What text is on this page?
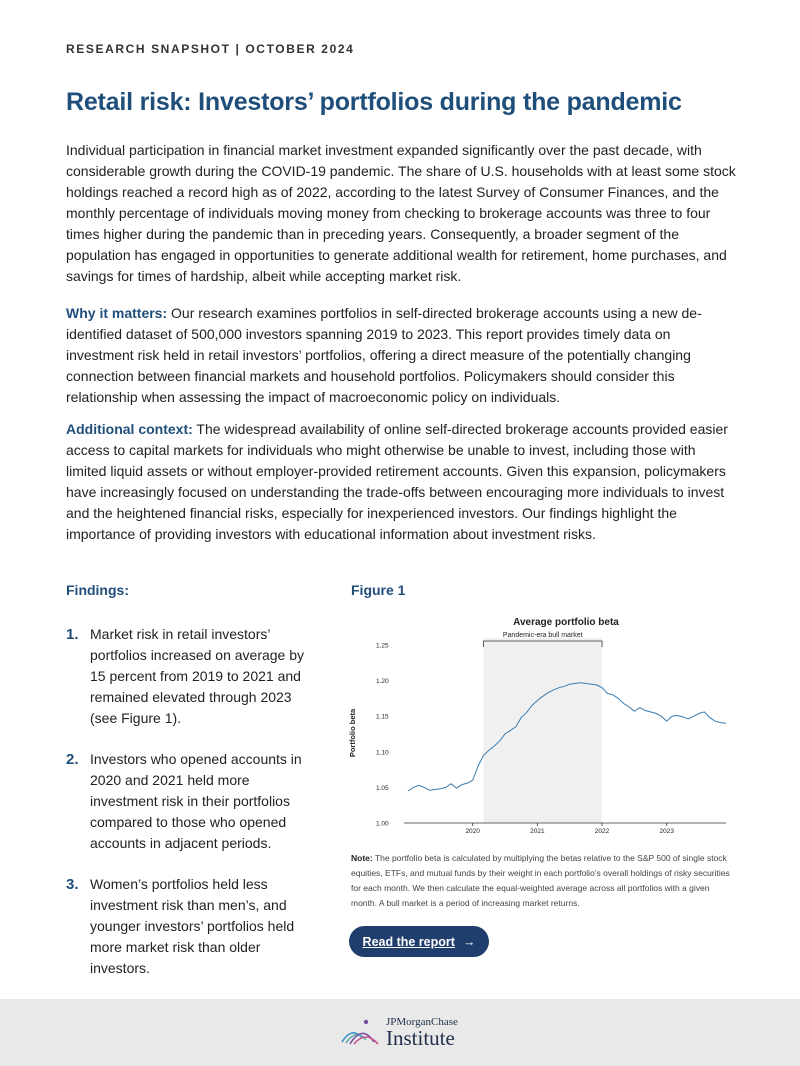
RESEARCH SNAPSHOT | OCTOBER 2024
Retail risk: Investors’ portfolios during the pandemic

Individual participation in financial market investment expanded significantly over the past decade, with considerable growth during the COVID-19 pandemic. The share of U.S. households with at least some stock holdings reached a record high as of 2022, according to the latest Survey of Consumer Finances, and the monthly percentage of individuals moving money from checking to brokerage accounts was three to four times higher during the pandemic than in preceding years. Consequently, a broader segment of the population has engaged in opportunities to generate additional wealth for retirement, home purchases, and savings for times of hardship, albeit while accepting market risk.

Why it matters: Our research examines portfolios in self-directed brokerage accounts using a new de-identified dataset of 500,000 investors spanning 2019 to 2023. This report provides timely data on investment risk held in retail investors’ portfolios, offering a direct measure of the potentially changing connection between financial markets and household portfolios. Policymakers should consider this relationship when assessing the impact of macroeconomic policy on individuals.

Additional context: The widespread availability of online self-directed brokerage accounts provided easier access to capital markets for individuals who might otherwise be unable to invest, including those with limited liquid assets or without employer-provided retirement accounts. Given this expansion, policymakers have increasingly focused on understanding the trade-offs between encouraging more individuals to invest and the heightened financial risks, especially for inexperienced investors. Our findings highlight the importance of providing investors with educational information about investment risks.

Findings:
1. Market risk in retail investors’ portfolios increased on average by 15 percent from 2019 to 2021 and remained elevated through 2023 (see Figure 1).
2. Investors who opened accounts in 2020 and 2021 held more investment risk in their portfolios compared to those who opened accounts in adjacent periods.
3. Women’s portfolios held less investment risk than men’s, and younger investors’ portfolios held more market risk than older investors.
Figure 1
Pandemic-era bull market
Average portfolio beta
Portfolio beta
1.00
1.05
1.10
1.15
1.20
1.25
2020	2021	2022	2023

Note: The portfolio beta is calculated by multiplying the betas relative to the S&P 500 of single stock equities, ETFs, and mutual funds by their weight in each portfolio’s overall holdings of risky securities for each month. We then calculate the equal-weighted average across all portfolios with a given month. A bull market is a period of increasing market returns.

Read the report →
JPMorganChase
Institute
